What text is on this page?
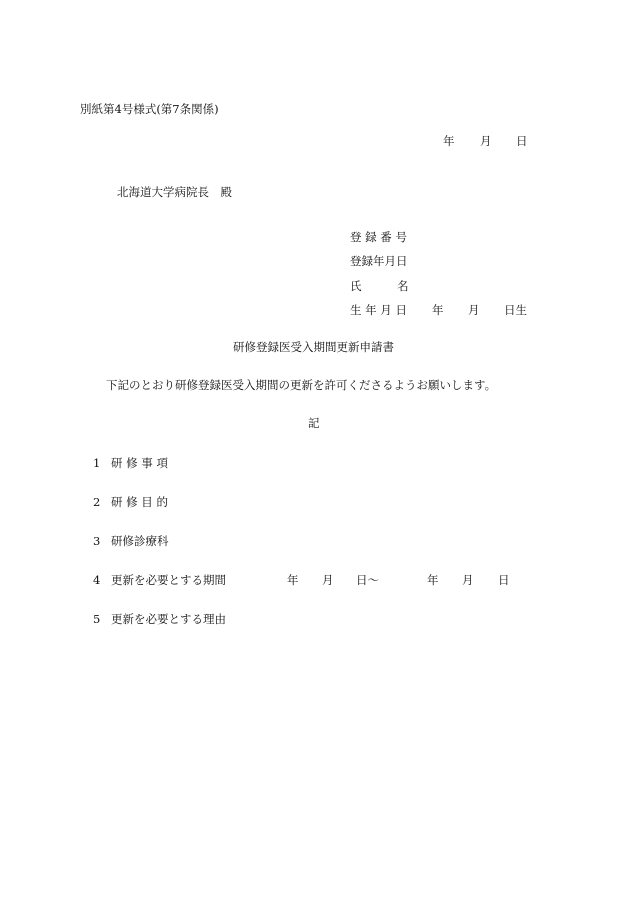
別紙第4号様式(第7条関係)
年 月 日
北海道大学病院長　殿
登 録 番 号
登録年月日
氏	名
生 年 月 日 年 月 日生
研修登録医受入期間更新申請書
下記のとおり研修登録医受入期間の更新を許可くださるようお願いします。
記
1 研 修 事 項
2 研 修 目 的
3 研修診療科
4 更新を必要とする期間	年 月 日〜	年 月 日
5 更新を必要とする理由
